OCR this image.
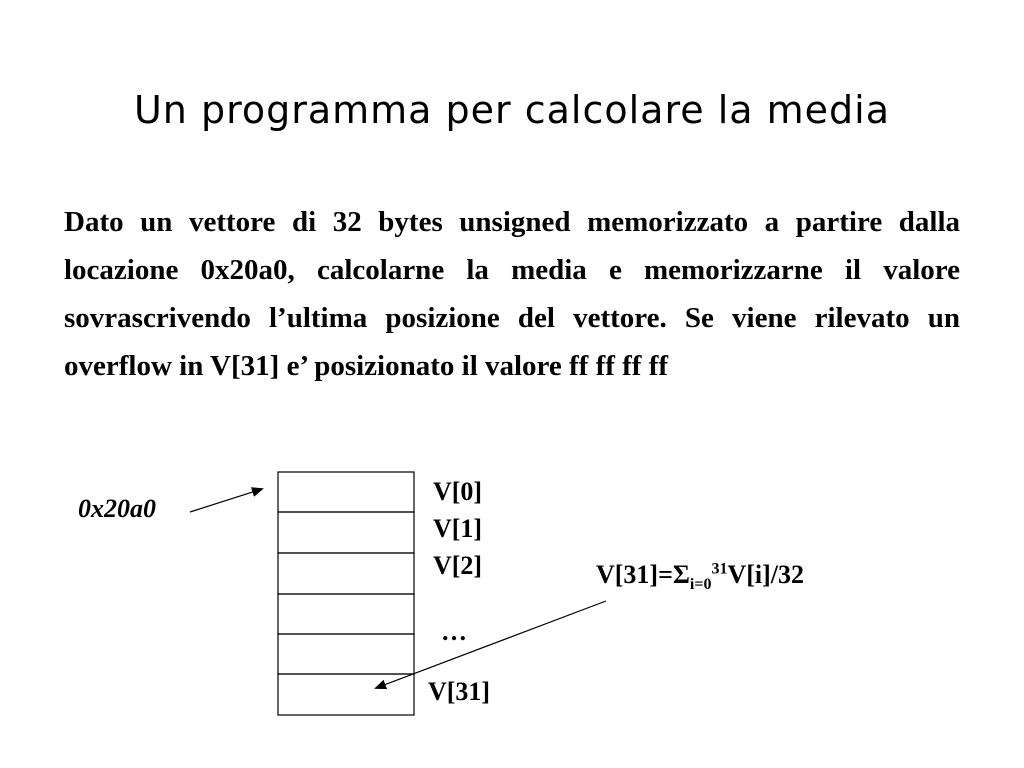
Un programma per calcolare la media

Dato un vettore di 32 bytes unsigned memorizzato a partire dalla locazione 0x20a0, calcolarne la media e memorizzarne il valore sovrascrivendo l’ultima posizione del vettore. Se viene rilevato un overflow in V[31] e’ posizionato il valore ff ff ff ff

0x20a0
V[0]
V[1]
V[2]
…
V[31]
$V[31]=\Sigma_{i=0}^{31}V[i]/32$
